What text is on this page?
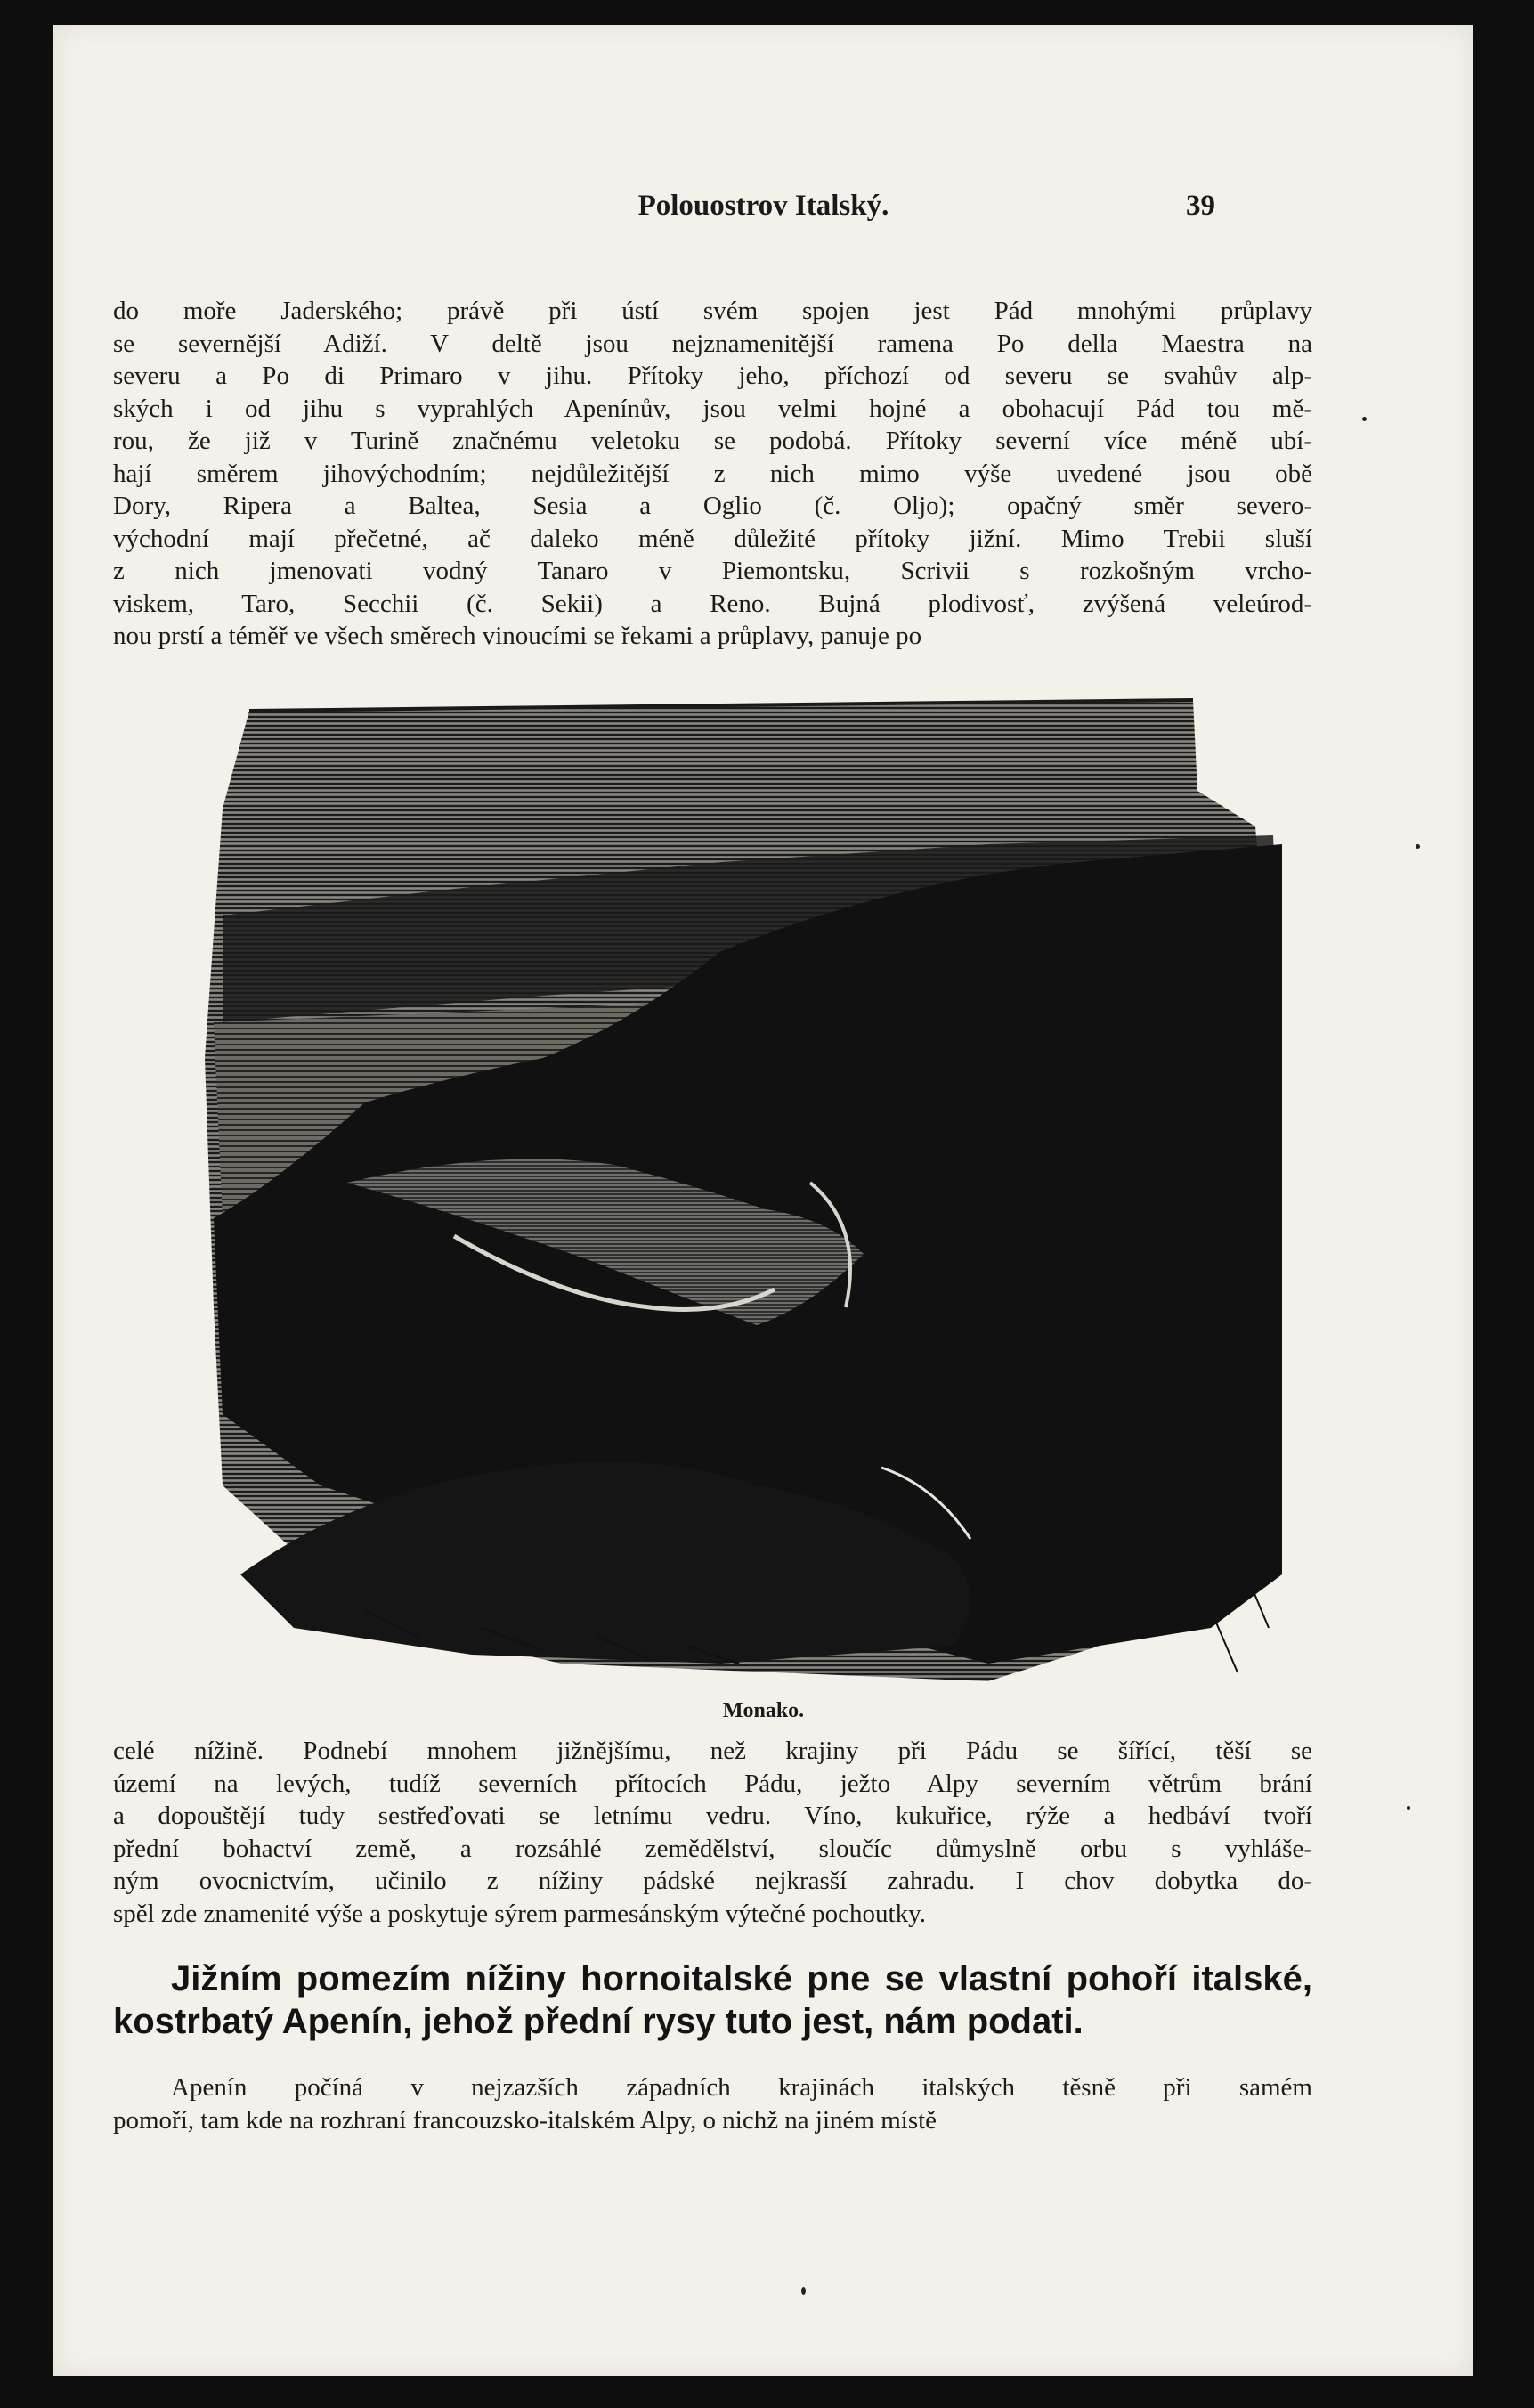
Polouostrov Italský.	39
do moře Jaderského; právě při ústí svém spojen jest Pád mnohými průplavy
se severnější Adiží. V deltě jsou nejznamenitější ramena Po della Maestra na
severu a Po di Primaro v jihu. Přítoky jeho, příchozí od severu se svahův alp-
ských i od jihu s vyprahlých Apenínův, jsou velmi hojné a obohacují Pád tou mě-
rou, že již v Turině značnému veletoku se podobá. Přítoky severní více méně ubí-
hají směrem jihovýchodním; nejdůležitější z nich mimo výše uvedené jsou obě
Dory, Ripera a Baltea, Sesia a Oglio (č. Oljo); opačný směr severo-
východní mají přečetné, ač daleko méně důležité přítoky jižní. Mimo Trebii sluší
z nich jmenovati vodný Tanaro v Piemontsku, Scrivii s rozkošným vrcho-
viskem, Taro, Secchii (č. Sekii) a Reno. Bujná plodivosť, zvýšená veleúrod-
nou prstí a téměř ve všech směrech vinoucími se řekami a průplavy, panuje po
Monako.
celé nížině. Podnebí mnohem jižnějšímu, než krajiny při Pádu se šířící, těší se
území na levých, tudíž severních přítocích Pádu, ježto Alpy severním větrům brání
a dopouštějí tudy sestřeďovati se letnímu vedru. Víno, kukuřice, rýže a hedbáví tvoří
přední bohactví země, a rozsáhlé zemědělství, sloučíc důmyslně orbu s vyhláše-
ným ovocnictvím, učinilo z nížiny pádské nejkrasší zahradu. I chov dobytka do-
spěl zde znamenité výše a poskytuje sýrem parmesánským výtečné pochoutky.
Jižním pomezím nížiny hornoitalské pne se vlastní pohoří italské,
kostrbatý Apenín, jehož přední rysy tuto jest, nám podati.
Apenín počíná v nejzazších západních krajinách italských těsně při samém
pomoří, tam kde na rozhraní francouzsko-italském Alpy, o nichž na jiném místě
